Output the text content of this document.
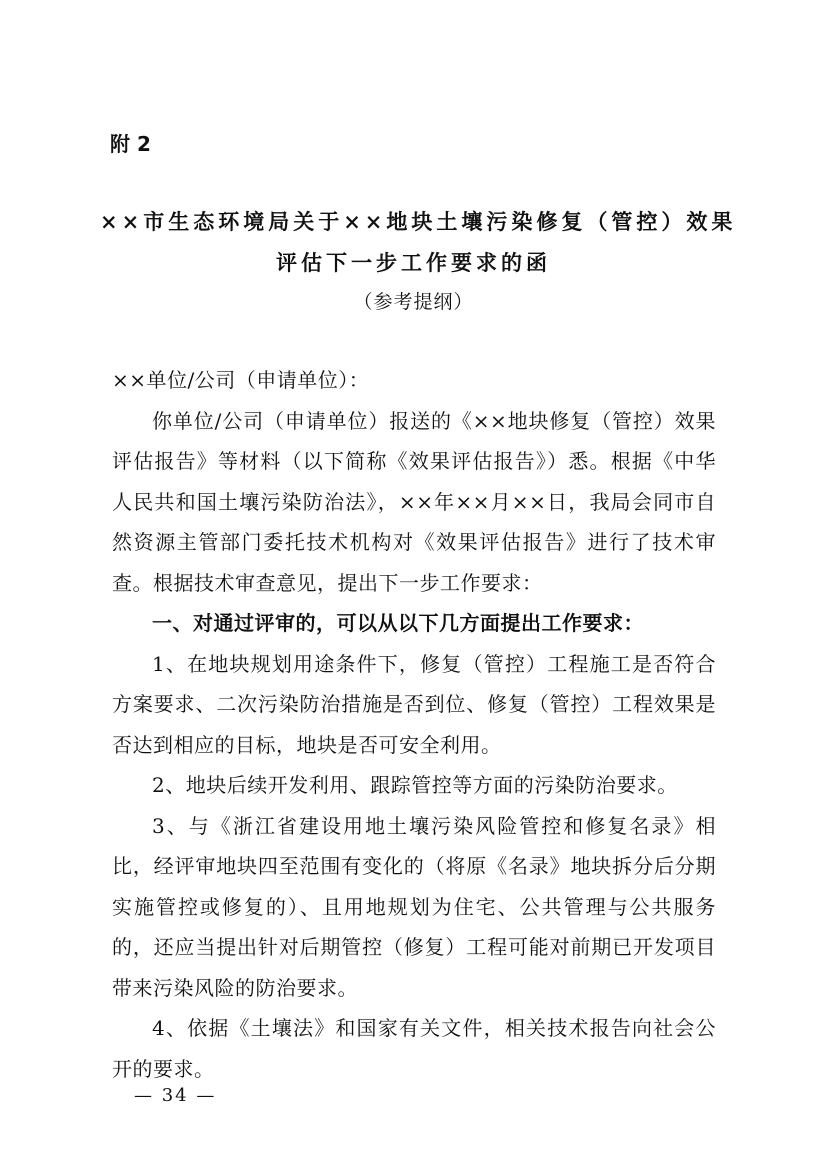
附 2
××市生态环境局关于××地块土壤污染修复（管控）效果
评估下一步工作要求的函
（参考提纲）

××单位/公司（申请单位）：

你单位/公司（申请单位）报送的《××地块修复（管控）效果评估报告》等材料（以下简称《效果评估报告》）悉。根据《中华人民共和国土壤污染防治法》，××年××月××日，我局会同市自然资源主管部门委托技术机构对《效果评估报告》进行了技术审查。根据技术审查意见，提出下一步工作要求：

一、对通过评审的，可以从以下几方面提出工作要求：

1、在地块规划用途条件下，修复（管控）工程施工是否符合方案要求、二次污染防治措施是否到位、修复（管控）工程效果是否达到相应的目标，地块是否可安全利用。

2、地块后续开发利用、跟踪管控等方面的污染防治要求。

3、与《浙江省建设用地土壤污染风险管控和修复名录》相比，经评审地块四至范围有变化的（将原《名录》地块拆分后分期实施管控或修复的）、且用地规划为住宅、公共管理与公共服务的，还应当提出针对后期管控（修复）工程可能对前期已开发项目带来污染风险的防治要求。

4、依据《土壤法》和国家有关文件，相关技术报告向社会公开的要求。

— 34 —
